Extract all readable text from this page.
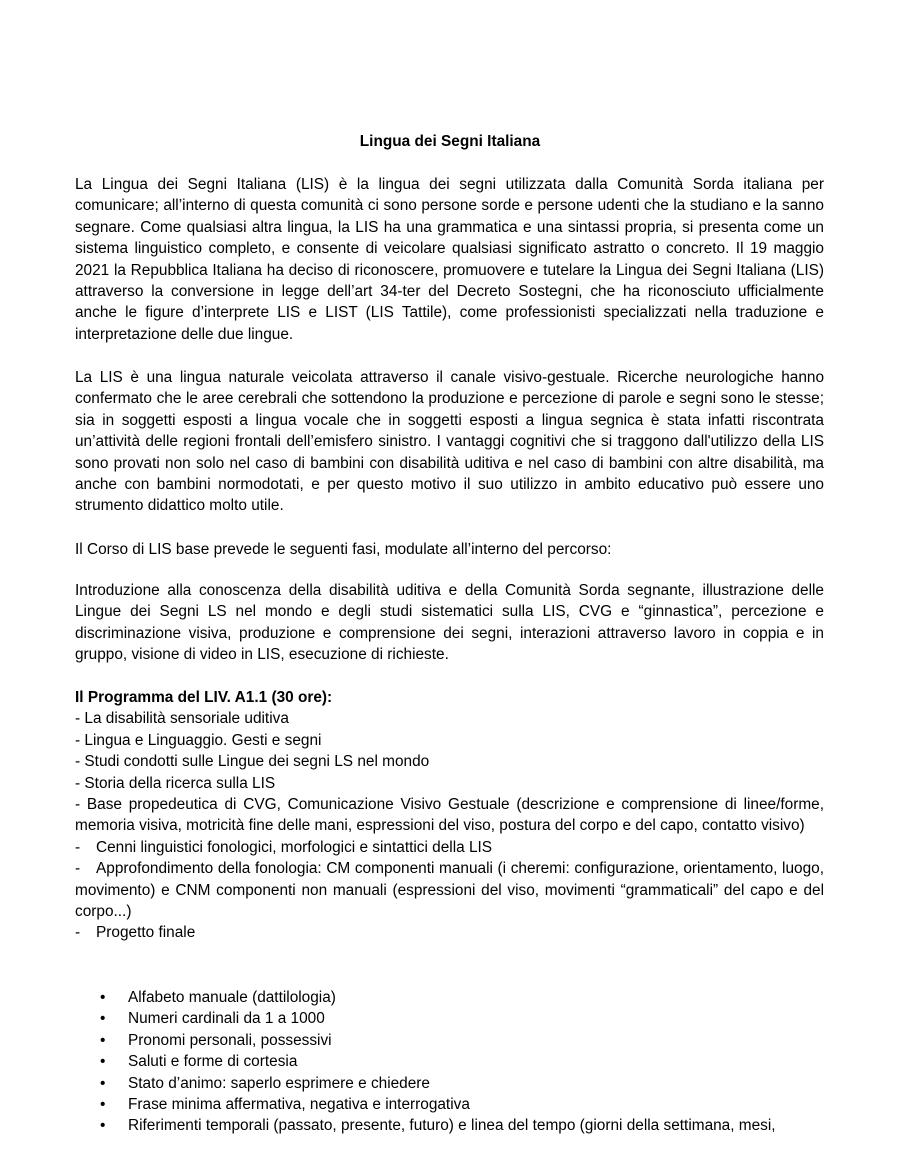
Lingua dei Segni Italiana
La Lingua dei Segni Italiana (LIS) è la lingua dei segni utilizzata dalla Comunità Sorda italiana per comunicare; all’interno di questa comunità ci sono persone sorde e persone udenti che la studiano e la sanno segnare. Come qualsiasi altra lingua, la LIS ha una grammatica e una sintassi propria, si presenta come un sistema linguistico completo, e consente di veicolare qualsiasi significato astratto o concreto. Il 19 maggio 2021 la Repubblica Italiana ha deciso di riconoscere, promuovere e tutelare la Lingua dei Segni Italiana (LIS) attraverso la conversione in legge dell’art 34-ter del Decreto Sostegni, che ha riconosciuto ufficialmente anche le figure d’interprete LIS e LIST (LIS Tattile), come professionisti specializzati nella traduzione e interpretazione delle due lingue.
La LIS è una lingua naturale veicolata attraverso il canale visivo-gestuale. Ricerche neurologiche hanno confermato che le aree cerebrali che sottendono la produzione e percezione di parole e segni sono le stesse; sia in soggetti esposti a lingua vocale che in soggetti esposti a lingua segnica è stata infatti riscontrata un’attività delle regioni frontali dell’emisfero sinistro. I vantaggi cognitivi che si traggono dall'utilizzo della LIS sono provati non solo nel caso di bambini con disabilità uditiva e nel caso di bambini con altre disabilità, ma anche con bambini normodotati, e per questo motivo il suo utilizzo in ambito educativo può essere uno strumento didattico molto utile.
Il Corso di LIS base prevede le seguenti fasi, modulate all’interno del percorso:
Introduzione alla conoscenza della disabilità uditiva e della Comunità Sorda segnante, illustrazione delle Lingue dei Segni LS nel mondo e degli studi sistematici sulla LIS, CVG e “ginnastica”, percezione e discriminazione visiva, produzione e comprensione dei segni, interazioni attraverso lavoro in coppia e in gruppo, visione di video in LIS, esecuzione di richieste.
Il Programma del LIV. A1.1 (30 ore):
- La disabilità sensoriale uditiva
- Lingua e Linguaggio. Gesti e segni
- Studi condotti sulle Lingue dei segni LS nel mondo
- Storia della ricerca sulla LIS
- Base propedeutica di CVG, Comunicazione Visivo Gestuale (descrizione e comprensione di linee/forme, memoria visiva, motricità fine delle mani, espressioni del viso, postura del corpo e del capo, contatto visivo)
- Cenni linguistici fonologici, morfologici e sintattici della LIS
- Approfondimento della fonologia: CM componenti manuali (i cheremi: configurazione, orientamento, luogo, movimento) e CNM componenti non manuali (espressioni del viso, movimenti “grammaticali” del capo e del corpo...)
- Progetto finale
• Alfabeto manuale (dattilologia)
• Numeri cardinali da 1 a 1000
• Pronomi personali, possessivi
• Saluti e forme di cortesia
• Stato d’animo: saperlo esprimere e chiedere
• Frase minima affermativa, negativa e interrogativa
• Riferimenti temporali (passato, presente, futuro) e linea del tempo (giorni della settimana, mesi,
